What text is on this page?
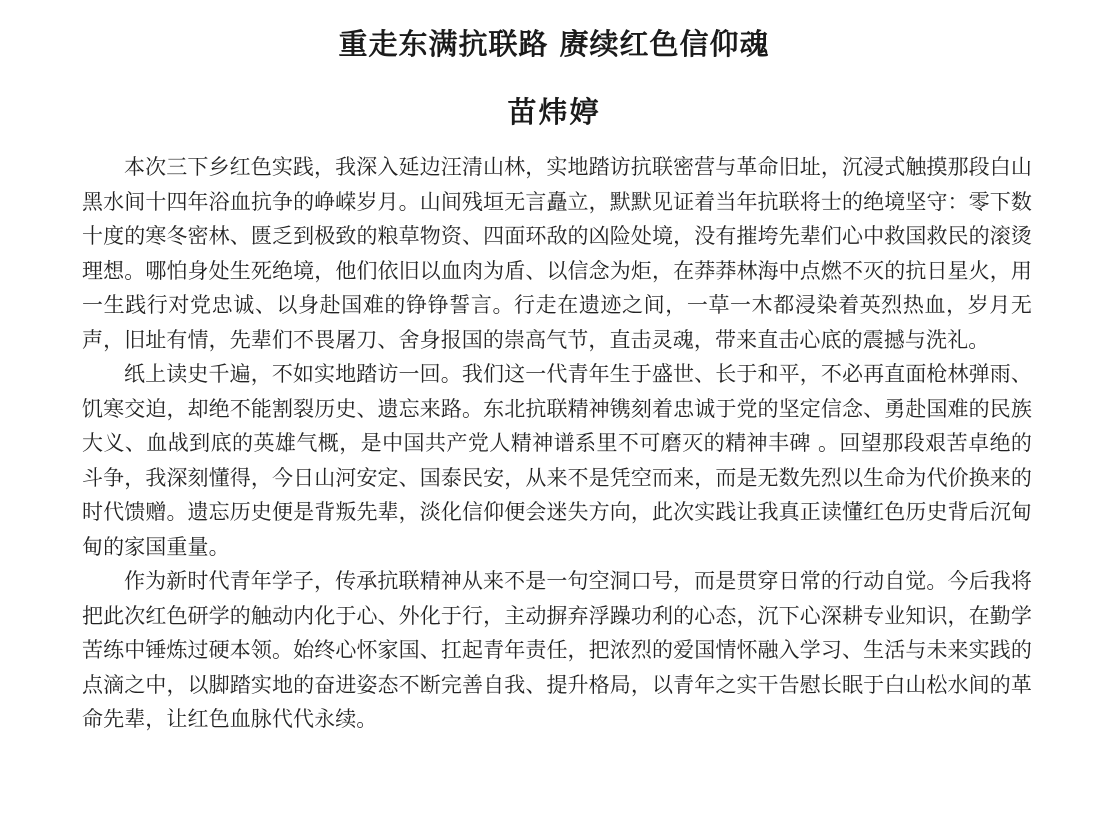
重走东满抗联路 赓续红色信仰魂
苗炜婷

本次三下乡红色实践，我深入延边汪清山林，实地踏访抗联密营与革命旧址，沉浸式触摸那段白山黑水间十四年浴血抗争的峥嵘岁月。山间残垣无言矗立，默默见证着当年抗联将士的绝境坚守：零下数十度的寒冬密林、匮乏到极致的粮草物资、四面环敌的凶险处境，没有摧垮先辈们心中救国救民的滚烫理想。哪怕身处生死绝境，他们依旧以血肉为盾、以信念为炬，在莽莽林海中点燃不灭的抗日星火，用一生践行对党忠诚、以身赴国难的铮铮誓言。行走在遗迹之间，一草一木都浸染着英烈热血，岁月无声，旧址有情，先辈们不畏屠刀、舍身报国的崇高气节，直击灵魂，带来直击心底的震撼与洗礼。

纸上读史千遍，不如实地踏访一回。我们这一代青年生于盛世、长于和平，不必再直面枪林弹雨、饥寒交迫，却绝不能割裂历史、遗忘来路。东北抗联精神镌刻着忠诚于党的坚定信念、勇赴国难的民族大义、血战到底的英雄气概，是中国共产党人精神谱系里不可磨灭的精神丰碑 。回望那段艰苦卓绝的斗争，我深刻懂得，今日山河安定、国泰民安，从来不是凭空而来，而是无数先烈以生命为代价换来的时代馈赠。遗忘历史便是背叛先辈，淡化信仰便会迷失方向，此次实践让我真正读懂红色历史背后沉甸甸的家国重量。

作为新时代青年学子，传承抗联精神从来不是一句空洞口号，而是贯穿日常的行动自觉。今后我将把此次红色研学的触动内化于心、外化于行，主动摒弃浮躁功利的心态，沉下心深耕专业知识，在勤学苦练中锤炼过硬本领。始终心怀家国、扛起青年责任，把浓烈的爱国情怀融入学习、生活与未来实践的点滴之中，以脚踏实地的奋进姿态不断完善自我、提升格局，以青年之实干告慰长眠于白山松水间的革命先辈，让红色血脉代代永续。
